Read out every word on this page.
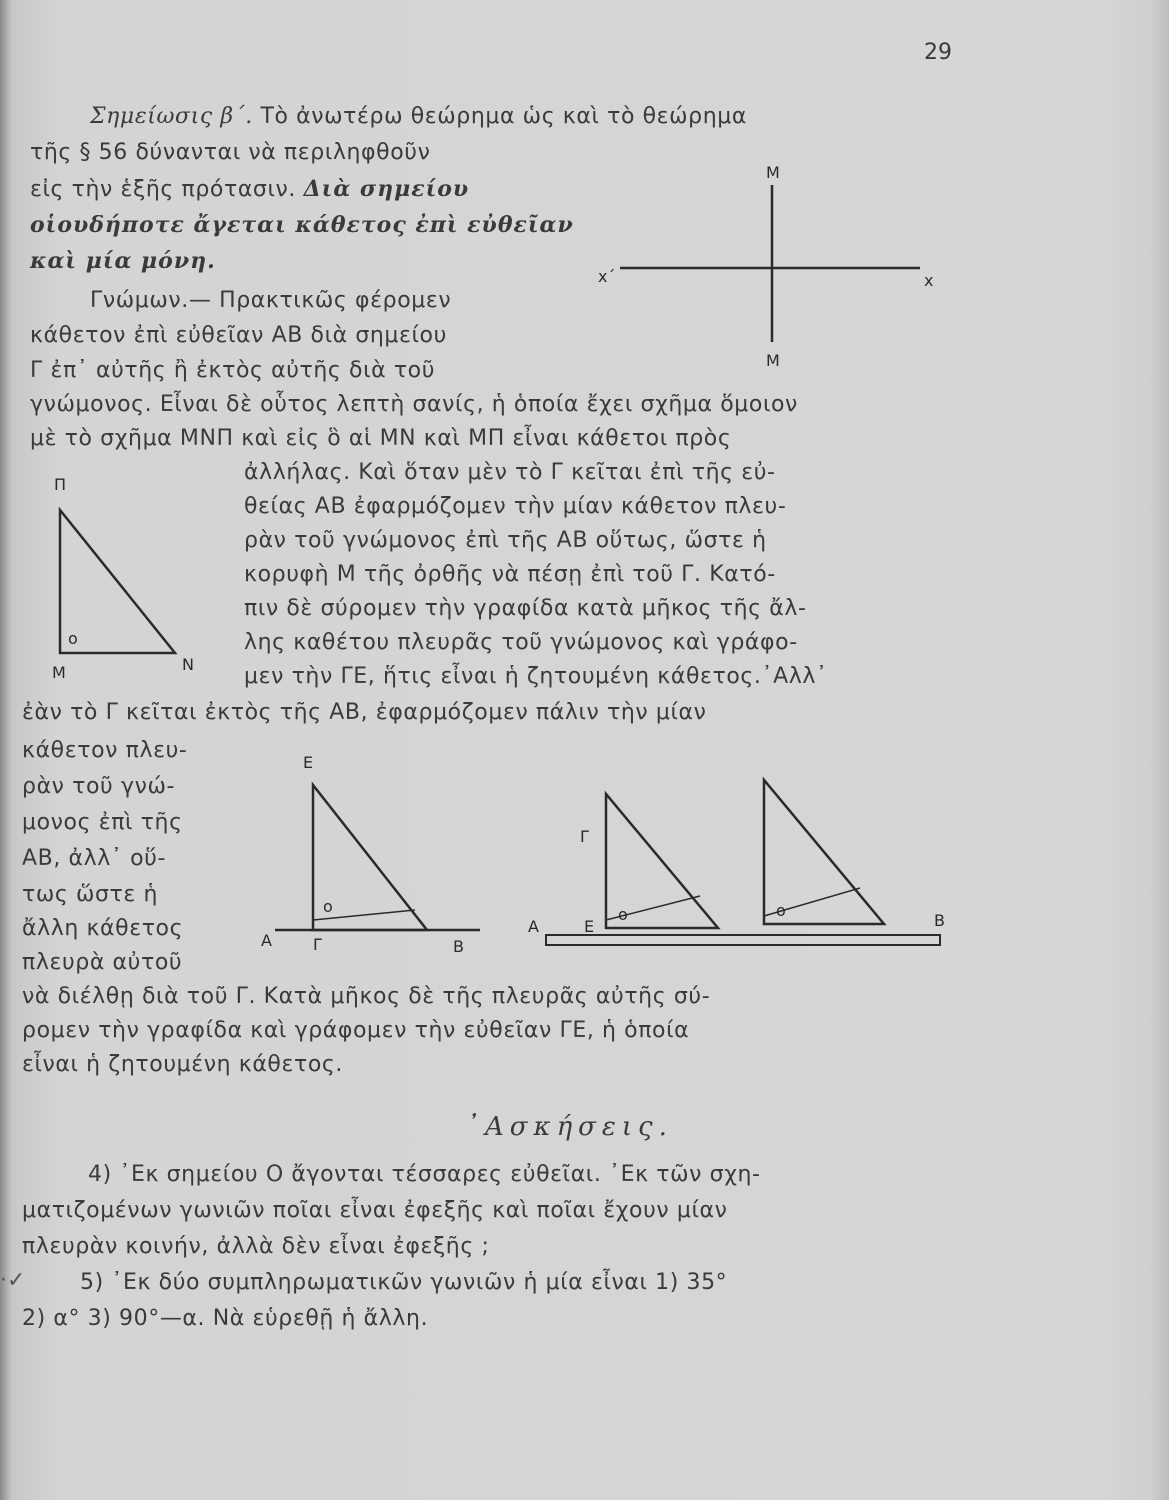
29
Σημείωσις β΄. Τὸ ἀνωτέρω θεώρημα ὡς καὶ τὸ θεώρημα
τῆς § 56 δύνανται νὰ περιληφθοῦν
εἰς τὴν ἑξῆς πρότασιν. Διὰ σημείου
οἱουδήποτε ἄγεται κάθετος ἐπὶ εὐθεῖαν
καὶ μία μόνη.
Μ
Μ
x΄	x
Γνώμων.— Πρακτικῶς φέρομεν
κάθετον ἐπὶ εὐθεῖαν ΑΒ διὰ σημείου
Γ ἐπ᾽ αὐτῆς ἢ ἐκτὸς αὐτῆς διὰ τοῦ
γνώμονος. Εἶναι δὲ οὗτος λεπτὴ σανίς, ἡ ὁποία ἔχει σχῆμα ὅμοιον
μὲ τὸ σχῆμα ΜΝΠ καὶ εἰς ὃ αἱ ΜΝ καὶ ΜΠ εἶναι κάθετοι πρὸς
ἀλλήλας. Καὶ ὅταν μὲν τὸ Γ κεῖται ἐπὶ τῆς εὐ-
θείας ΑΒ ἐφαρμόζομεν τὴν μίαν κάθετον πλευ-
ρὰν τοῦ γνώμονος ἐπὶ τῆς ΑΒ οὕτως, ὥστε ἡ
κορυφὴ Μ τῆς ὀρθῆς νὰ πέσῃ ἐπὶ τοῦ Γ. Κατό-
πιν δὲ σύρομεν τὴν γραφίδα κατὰ μῆκος τῆς ἄλ-
λης καθέτου πλευρᾶς τοῦ γνώμονος καὶ γράφο-
μεν τὴν ΓΕ, ἥτις εἶναι ἡ ζητουμένη κάθετος.᾽Αλλ᾽
ἐὰν τὸ Γ κεῖται ἐκτὸς τῆς ΑΒ, ἐφαρμόζομεν πάλιν τὴν μίαν
Π
Μ	Ν
ο
κάθετον πλευ-
ρὰν τοῦ γνώ-
μονος ἐπὶ τῆς
ΑΒ, ἀλλ᾽ οὕ-
τως ὥστε ἡ
ἄλλη κάθετος
πλευρὰ αὐτοῦ
Ε
Γ
Α	Β
ο
Γ
Ε
Α	Β
ο	ο
νὰ διέλθῃ διὰ τοῦ Γ. Κατὰ μῆκος δὲ τῆς πλευρᾶς αὐτῆς σύ-
ρομεν τὴν γραφίδα καὶ γράφομεν τὴν εὐθεῖαν ΓΕ, ἡ ὁποία
εἶναι ἡ ζητουμένη κάθετος.
᾽Ασκήσεις.
4) ᾽Εκ σημείου Ο ἄγονται τέσσαρες εὐθεῖαι. ᾽Εκ τῶν σχη-
ματιζομένων γωνιῶν ποῖαι εἶναι ἐφεξῆς καὶ ποῖαι ἔχουν μίαν
πλευρὰν κοινήν, ἀλλὰ δὲν εἶναι ἐφεξῆς ;
·✓ 5) ᾽Εκ δύο συμπληρωματικῶν γωνιῶν ἡ μία εἶναι 1) 35°
2) α° 3) 90°—α. Νὰ εὑρεθῇ ἡ ἄλλη.
